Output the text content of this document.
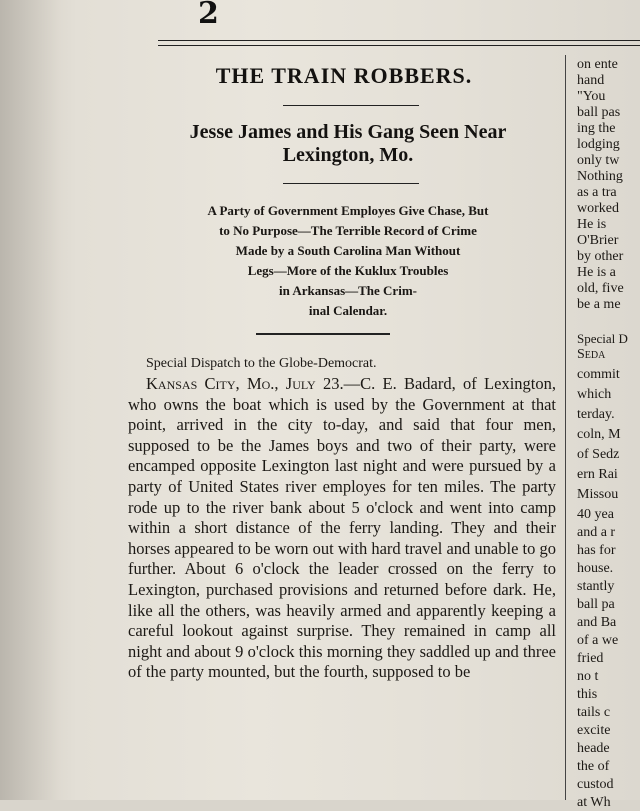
2
THE TRAIN ROBBERS.
Jesse James and His Gang Seen Near
Lexington, Mo.
A Party of Government Employes Give Chase, But
to No Purpose—The Terrible Record of Crime
Made by a South Carolina Man Without
Legs—More of the Kuklux Troubles
in Arkansas—The Crim-
inal Calendar.
Special Dispatch to the Globe-Democrat.
Kansas City, Mo., July 23.—C. E. Badard, of Lexington, who owns the boat which is used by the Government at that point, arrived in the city to-day, and said that four men, supposed to be the James boys and two of their party, were encamped opposite Lexington last night and were pursued by a party of United States river employes for ten miles. The party rode up to the river bank about 5 o'clock and went into camp within a short distance of the ferry landing. They and their horses appeared to be worn out with hard travel and unable to go further. About 6 o'clock the leader crossed on the ferry to Lexington, purchased provisions and returned before dark. He, like all the others, was heavily armed and apparently keeping a careful lookout against surprise. They remained in camp all night and about 9 o'clock this morning they saddled up and three of the party mounted, but the fourth, supposed to be
on ente
hand
"You
ball pas
ing the
lodging
only tw
Nothing
as a tra
worked
He is
O'Brier
by other
He is a
old, five
be a me
Special D
Seda
commit
which
terday.
coln, M
of Sedz
ern Rai
Missou
40 yea
and a r
has for
house.
stantly
ball pa
and Ba
of a we
fried
no t
this
tails c
excite
heade
the of
custod
at Wh
